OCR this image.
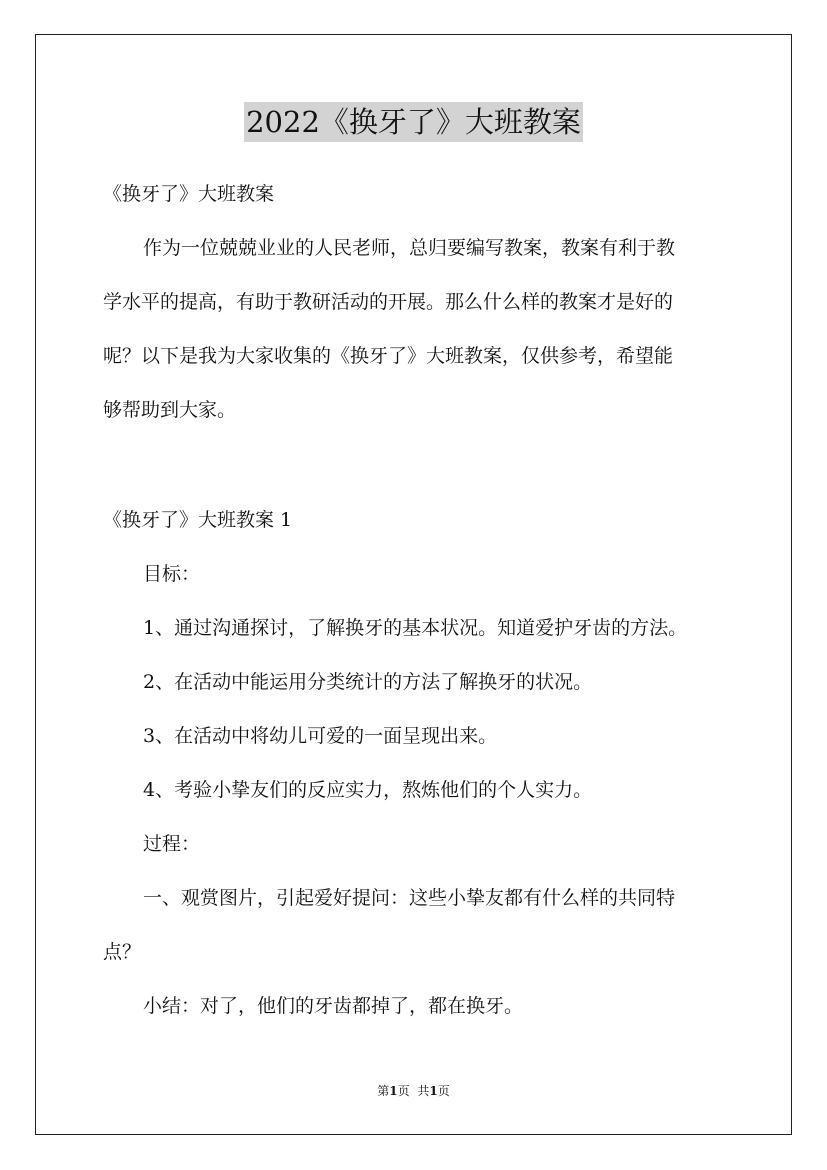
2022《换牙了》大班教案
《换牙了》大班教案
作为一位兢兢业业的人民老师，总归要编写教案，教案有利于教
学水平的提高，有助于教研活动的开展。那么什么样的教案才是好的
呢？以下是我为大家收集的《换牙了》大班教案，仅供参考，希望能
够帮助到大家。
《换牙了》大班教案 1
目标：
1、通过沟通探讨，了解换牙的基本状况。知道爱护牙齿的方法。
2、在活动中能运用分类统计的方法了解换牙的状况。
3、在活动中将幼儿可爱的一面呈现出来。
4、考验小挚友们的反应实力，熬炼他们的个人实力。
过程：
一、观赏图片，引起爱好提问：这些小挚友都有什么样的共同特
点？
小结：对了，他们的牙齿都掉了，都在换牙。
第1页 共1页
